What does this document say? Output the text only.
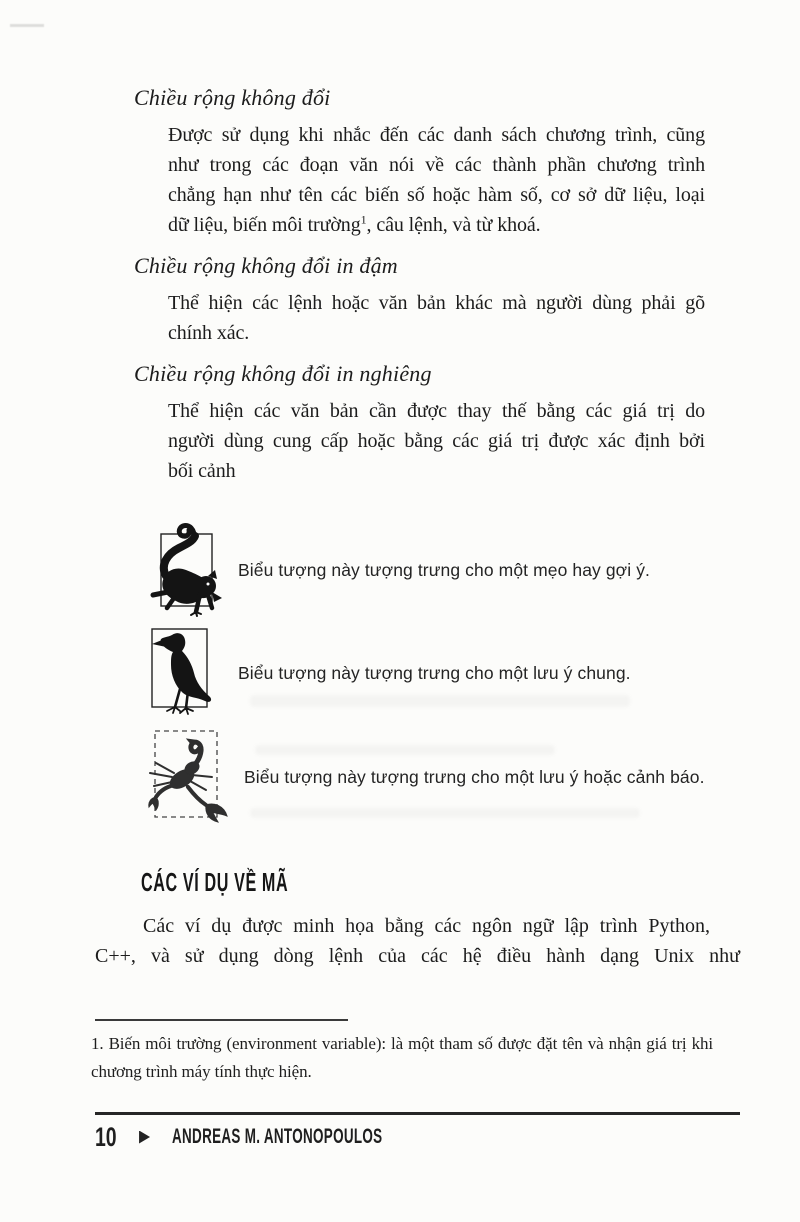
Chiều rộng không đổi
Được sử dụng khi nhắc đến các danh sách chương trình, cũng
như trong các đoạn văn nói về các thành phần chương trình
chẳng hạn như tên các biến số hoặc hàm số, cơ sở dữ liệu, loại
dữ liệu, biến môi trường$^1$, câu lệnh, và từ khoá.
Chiều rộng không đổi in đậm
Thể hiện các lệnh hoặc văn bản khác mà người dùng phải gõ
chính xác.
Chiều rộng không đổi in nghiêng
Thể hiện các văn bản cần được thay thế bằng các giá trị do
người dùng cung cấp hoặc bằng các giá trị được xác định bởi
bối cảnh
Biểu tượng này tượng trưng cho một mẹo hay gợi ý.
Biểu tượng này tượng trưng cho một lưu ý chung.
Biểu tượng này tượng trưng cho một lưu ý hoặc cảnh báo.
CÁC VÍ DỤ VỀ MÃ
Các ví dụ được minh họa bằng các ngôn ngữ lập trình Python,
C++, và sử dụng dòng lệnh của các hệ điều hành dạng Unix như

1. Biến môi trường (environment variable): là một tham số được đặt tên và nhận giá trị khi chương trình máy tính thực hiện.

10	ANDREAS M. ANTONOPOULOS
